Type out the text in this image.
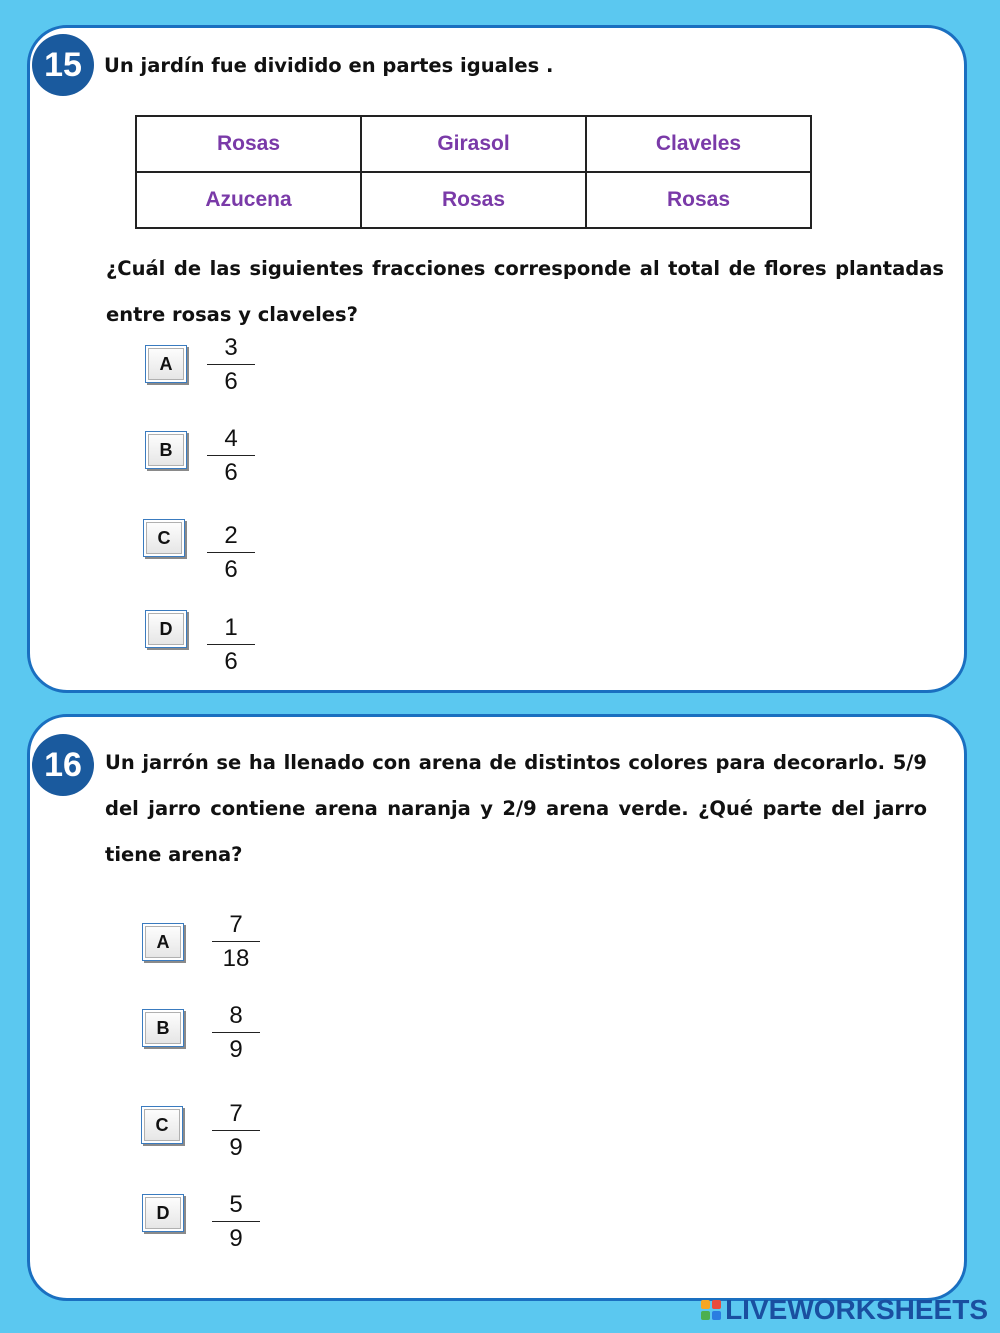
15	Un jardín fue dividido en partes iguales .
Rosas	Girasol	Claveles
Azucena	Rosas	Rosas
¿Cuál de las siguientes fracciones corresponde al total de flores plantadas entre rosas y claveles?
A
3
6
B	4
6
C	2
6
D	1
6
16	Un jarrón se ha llenado con arena de distintos colores para decorarlo. 5/9 del jarro contiene arena naranja y 2/9 arena verde. ¿Qué parte del jarro tiene arena?
A
7
18
B	8
9
C	7
9
D	5
9
LIVEWORKSHEETS
